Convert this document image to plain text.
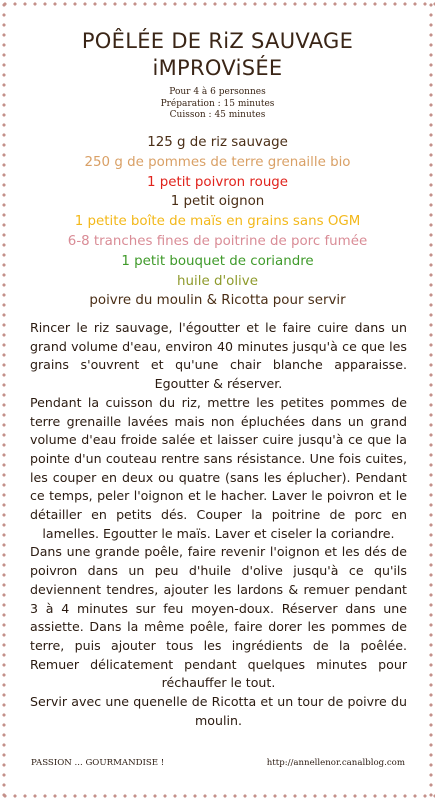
POÊLÉE DE RiZ SAUVAGE
iMPROViSÉE
Pour 4 à 6 personnes
Préparation : 15 minutes
Cuisson : 45 minutes
125 g de riz sauvage
250 g de pommes de terre grenaille bio
1 petit poivron rouge
1 petit oignon
1 petite boîte de maïs en grains sans OGM
6-8 tranches fines de poitrine de porc fumée
1 petit bouquet de coriandre
huile d'olive
poivre du moulin & Ricotta pour servir

Rincer le riz sauvage, l'égoutter et le faire cuire dans un grand volume d'eau, environ 40 minutes jusqu'à ce que les grains s'ouvrent et qu'une chair blanche apparaisse. Egoutter & réserver.

Pendant la cuisson du riz, mettre les petites pommes de terre grenaille lavées mais non épluchées dans un grand volume d'eau froide salée et laisser cuire jusqu'à ce que la pointe d'un couteau rentre sans résistance. Une fois cuites, les couper en deux ou quatre (sans les éplucher). Pendant ce temps, peler l'oignon et le hacher. Laver le poivron et le détailler en petits dés. Couper la poitrine de porc en lamelles. Egoutter le maïs. Laver et ciseler la coriandre.

Dans une grande poêle, faire revenir l'oignon et les dés de poivron dans un peu d'huile d'olive jusqu'à ce qu'ils deviennent tendres, ajouter les lardons & remuer pendant 3 à 4 minutes sur feu moyen-doux. Réserver dans une assiette. Dans la même poêle, faire dorer les pommes de terre, puis ajouter tous les ingrédients de la poêlée. Remuer délicatement pendant quelques minutes pour réchauffer le tout.

Servir avec une quenelle de Ricotta et un tour de poivre du moulin.

PASSION ... GOURMANDISE !	http://annellenor.canalblog.com
